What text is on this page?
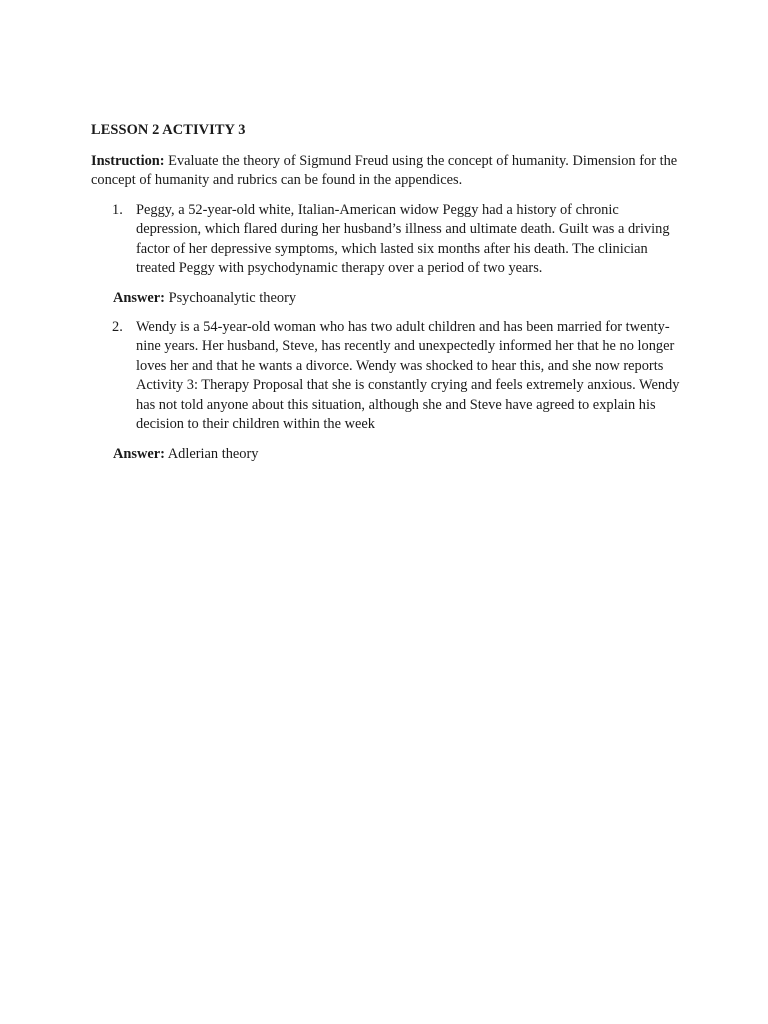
LESSON 2 ACTIVITY 3
Instruction: Evaluate the theory of Sigmund Freud using the concept of humanity. Dimension for the concept of humanity and rubrics can be found in the appendices.
1. Peggy, a 52-year-old white, Italian-American widow Peggy had a history of chronic depression, which flared during her husband’s illness and ultimate death. Guilt was a driving factor of her depressive symptoms, which lasted six months after his death. The clinician treated Peggy with psychodynamic therapy over a period of two years.
Answer: Psychoanalytic theory
2. Wendy is a 54-year-old woman who has two adult children and has been married for twenty-nine years. Her husband, Steve, has recently and unexpectedly informed her that he no longer loves her and that he wants a divorce. Wendy was shocked to hear this, and she now reports Activity 3: Therapy Proposal that she is constantly crying and feels extremely anxious. Wendy has not told anyone about this situation, although she and Steve have agreed to explain his decision to their children within the week
Answer: Adlerian theory
